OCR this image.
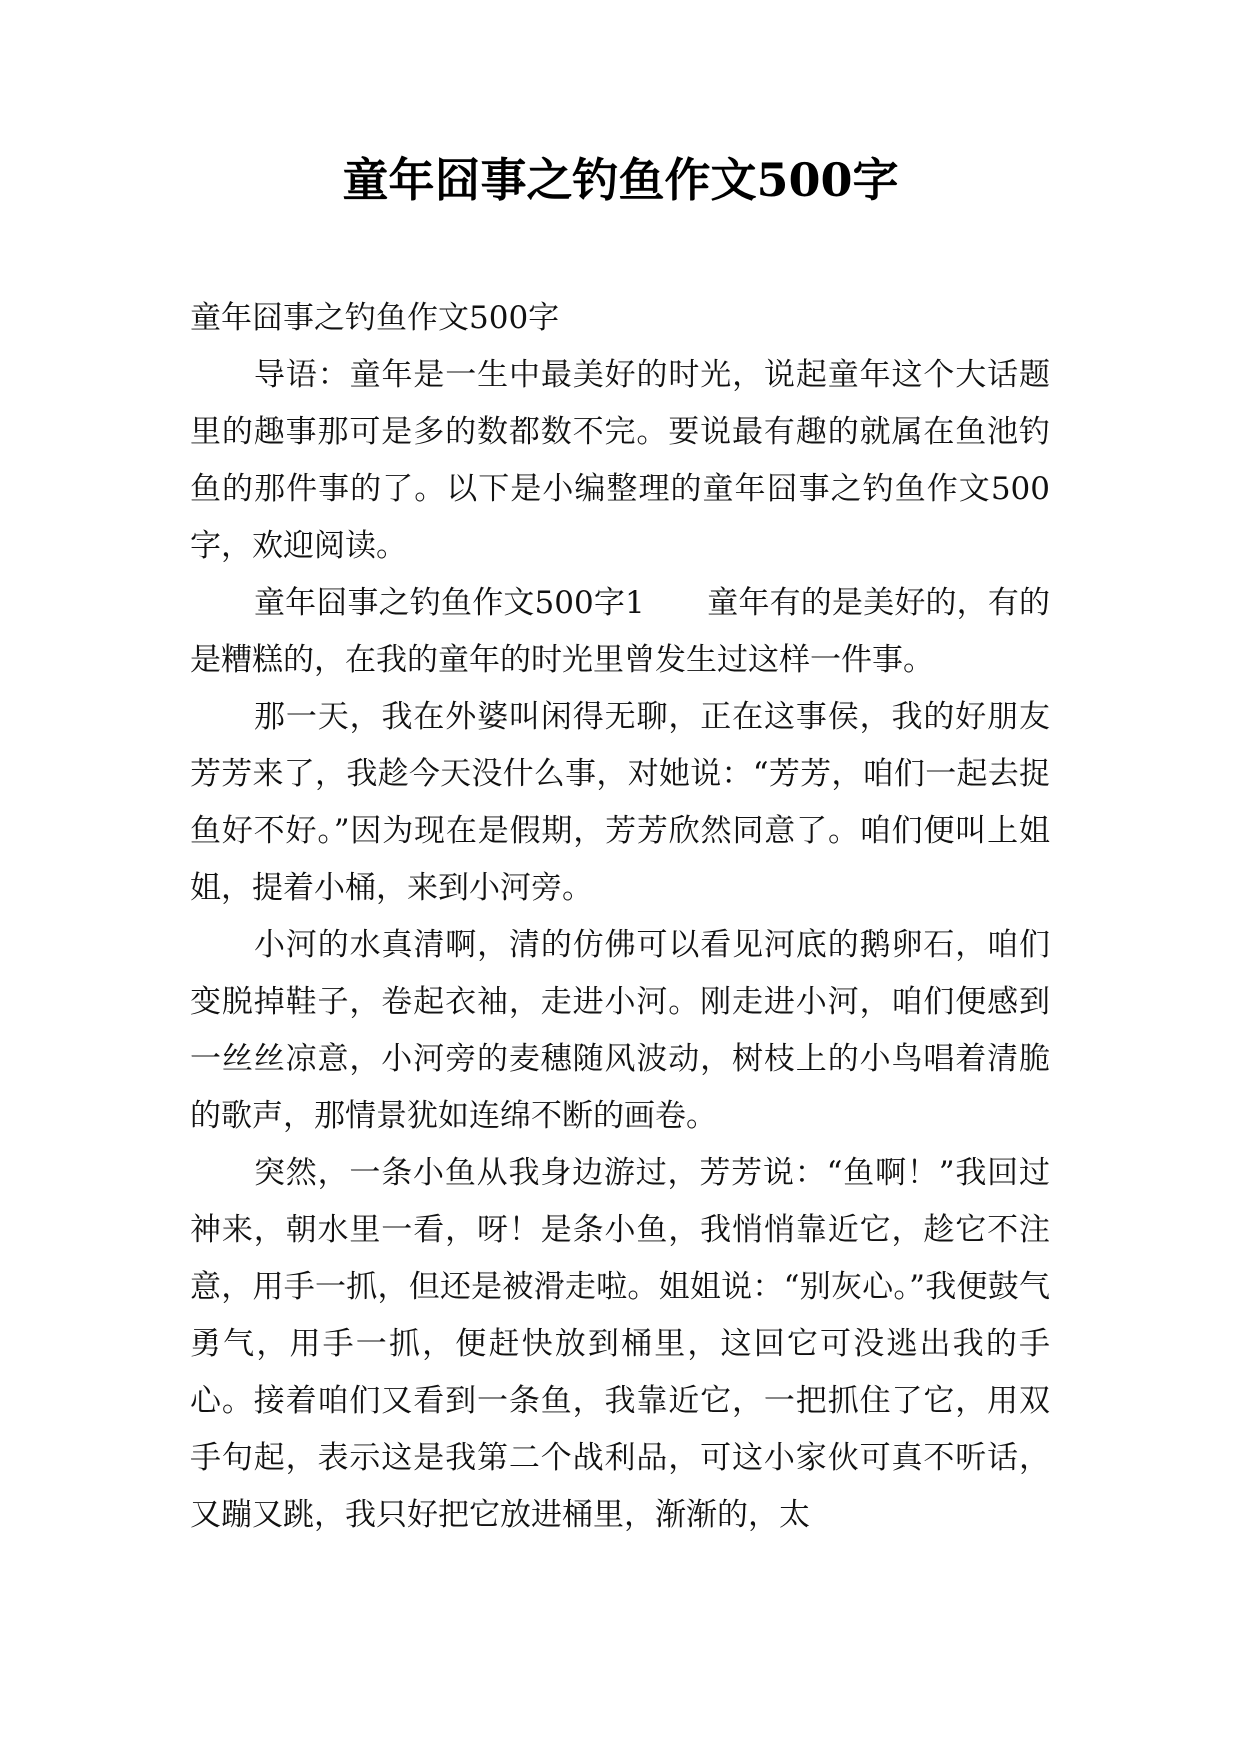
童年囧事之钓鱼作文500字

童年囧事之钓鱼作文500字

导语：童年是一生中最美好的时光，说起童年这个大话题里的趣事那可是多的数都数不完。要说最有趣的就属在鱼池钓鱼的那件事的了。以下是小编整理的童年囧事之钓鱼作文500字，欢迎阅读。

童年囧事之钓鱼作文500字1　　童年有的是美好的，有的是糟糕的，在我的童年的时光里曾发生过这样一件事。

那一天，我在外婆叫闲得无聊，正在这事侯，我的好朋友芳芳来了，我趁今天没什么事，对她说：“芳芳，咱们一起去捉鱼好不好。”因为现在是假期，芳芳欣然同意了。咱们便叫上姐姐，提着小桶，来到小河旁。

小河的水真清啊，清的仿佛可以看见河底的鹅卵石，咱们变脱掉鞋子，卷起衣袖，走进小河。刚走进小河，咱们便感到一丝丝凉意，小河旁的麦穗随风波动，树枝上的小鸟唱着清脆的歌声，那情景犹如连绵不断的画卷。

突然，一条小鱼从我身边游过，芳芳说：“鱼啊！”我回过神来，朝水里一看，呀！是条小鱼，我悄悄靠近它，趁它不注意，用手一抓，但还是被滑走啦。姐姐说：“别灰心。”我便鼓气勇气，用手一抓，便赶快放到桶里，这回它可没逃出我的手心。接着咱们又看到一条鱼，我靠近它，一把抓住了它，用双手句起，表示这是我第二个战利品，可这小家伙可真不听话，又蹦又跳，我只好把它放进桶里，渐渐的，太
